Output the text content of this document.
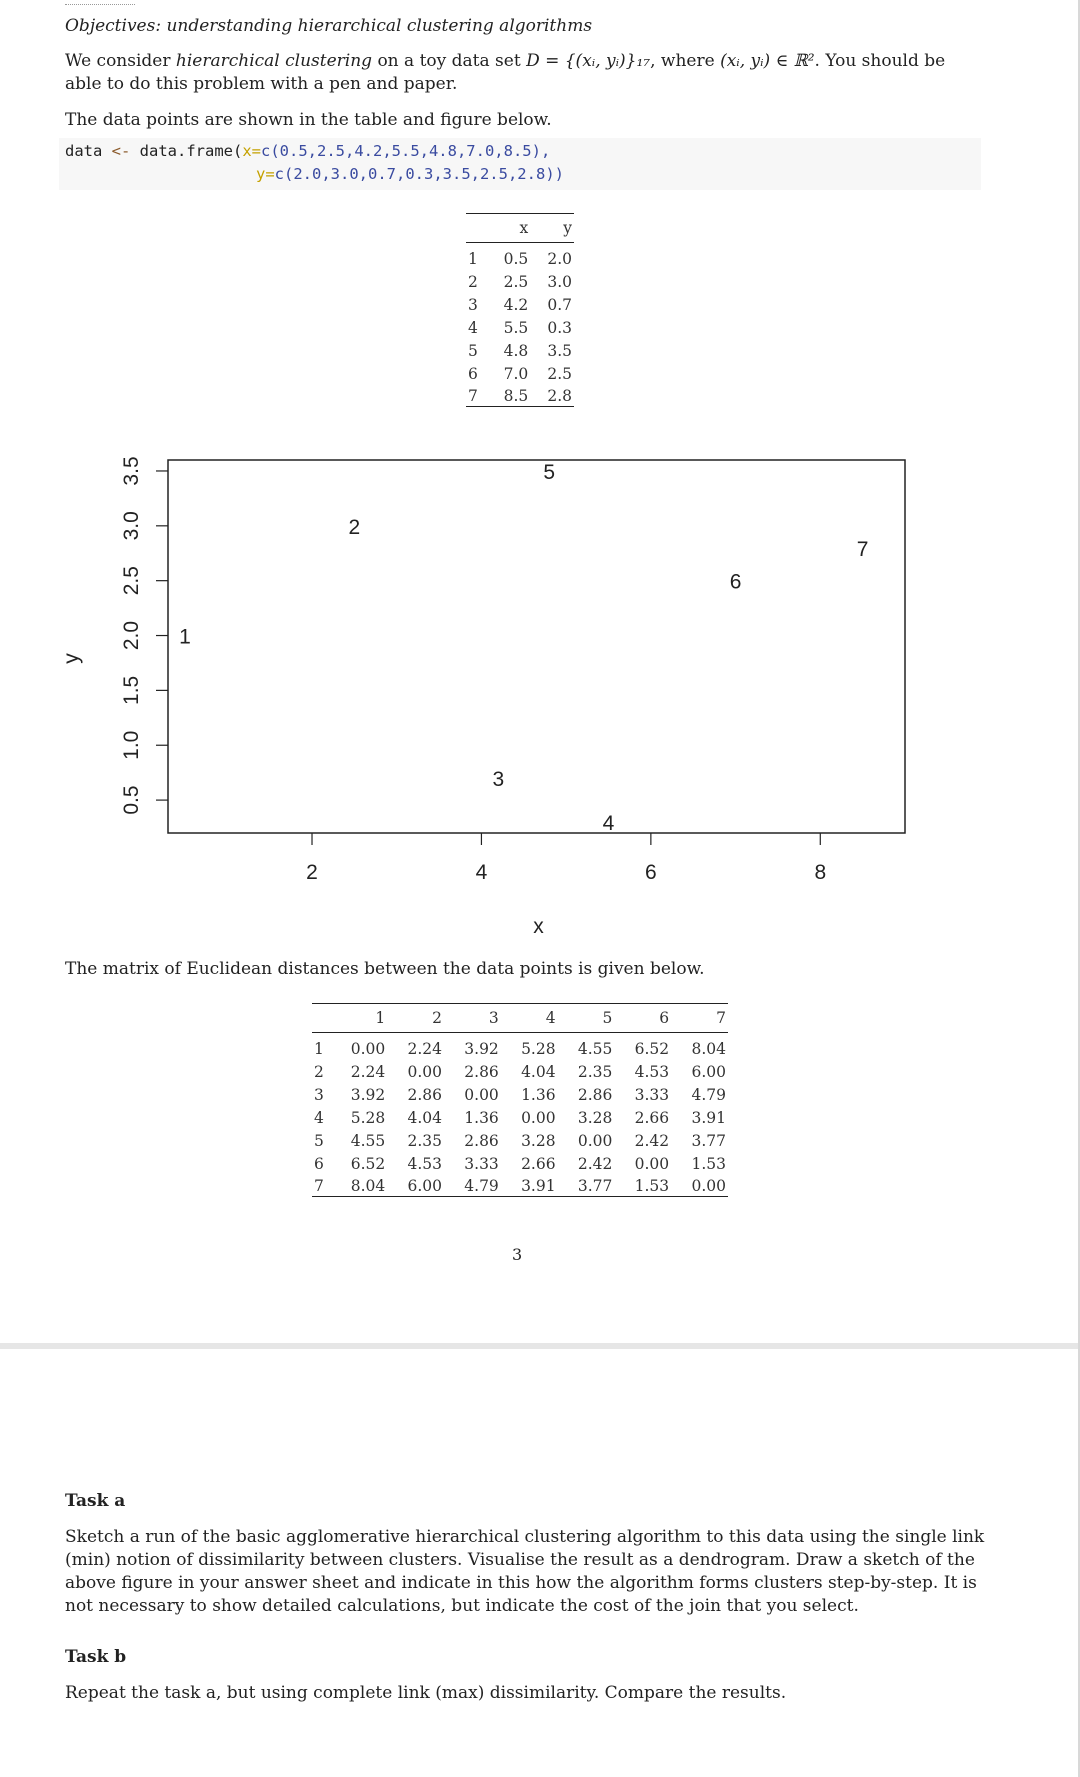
Objectives: understanding hierarchical clustering algorithms
We consider hierarchical clustering on a toy data set D = {(xᵢ, yᵢ)}₁₇, where (xᵢ, yᵢ) ∈ ℝ². You should be
able to do this problem with a pen and paper.
The data points are shown in the table and figure below.
data <- data.frame(x=c(0.5,2.5,4.2,5.5,4.8,7.0,8.5),
y=c(2.0,3.0,0.7,0.3,3.5,2.5,2.8))
	x	y
1	0.5	2.0
2	2.5	3.0
3	4.2	0.7
4	5.5	0.3
5	4.8	3.5
6	7.0	2.5
7	8.5	2.8
2	4	6	8
0.5
1.0
1.5
2.0
2.5
3.0
3.5
1
2
3
4
5
6
7
x
y
The matrix of Euclidean distances between the data points is given below.
	1	2	3	4	5	6	7
1	0.00	2.24	3.92	5.28	4.55	6.52	8.04
2	2.24	0.00	2.86	4.04	2.35	4.53	6.00
3	3.92	2.86	0.00	1.36	2.86	3.33	4.79
4	5.28	4.04	1.36	0.00	3.28	2.66	3.91
5	4.55	2.35	2.86	3.28	0.00	2.42	3.77
6	6.52	4.53	3.33	2.66	2.42	0.00	1.53
7	8.04	6.00	4.79	3.91	3.77	1.53	0.00
3
Task a
Sketch a run of the basic agglomerative hierarchical clustering algorithm to this data using the single link
(min) notion of dissimilarity between clusters. Visualise the result as a dendrogram. Draw a sketch of the
above figure in your answer sheet and indicate in this how the algorithm forms clusters step-by-step. It is
not necessary to show detailed calculations, but indicate the cost of the join that you select.
Task b
Repeat the task a, but using complete link (max) dissimilarity. Compare the results.
